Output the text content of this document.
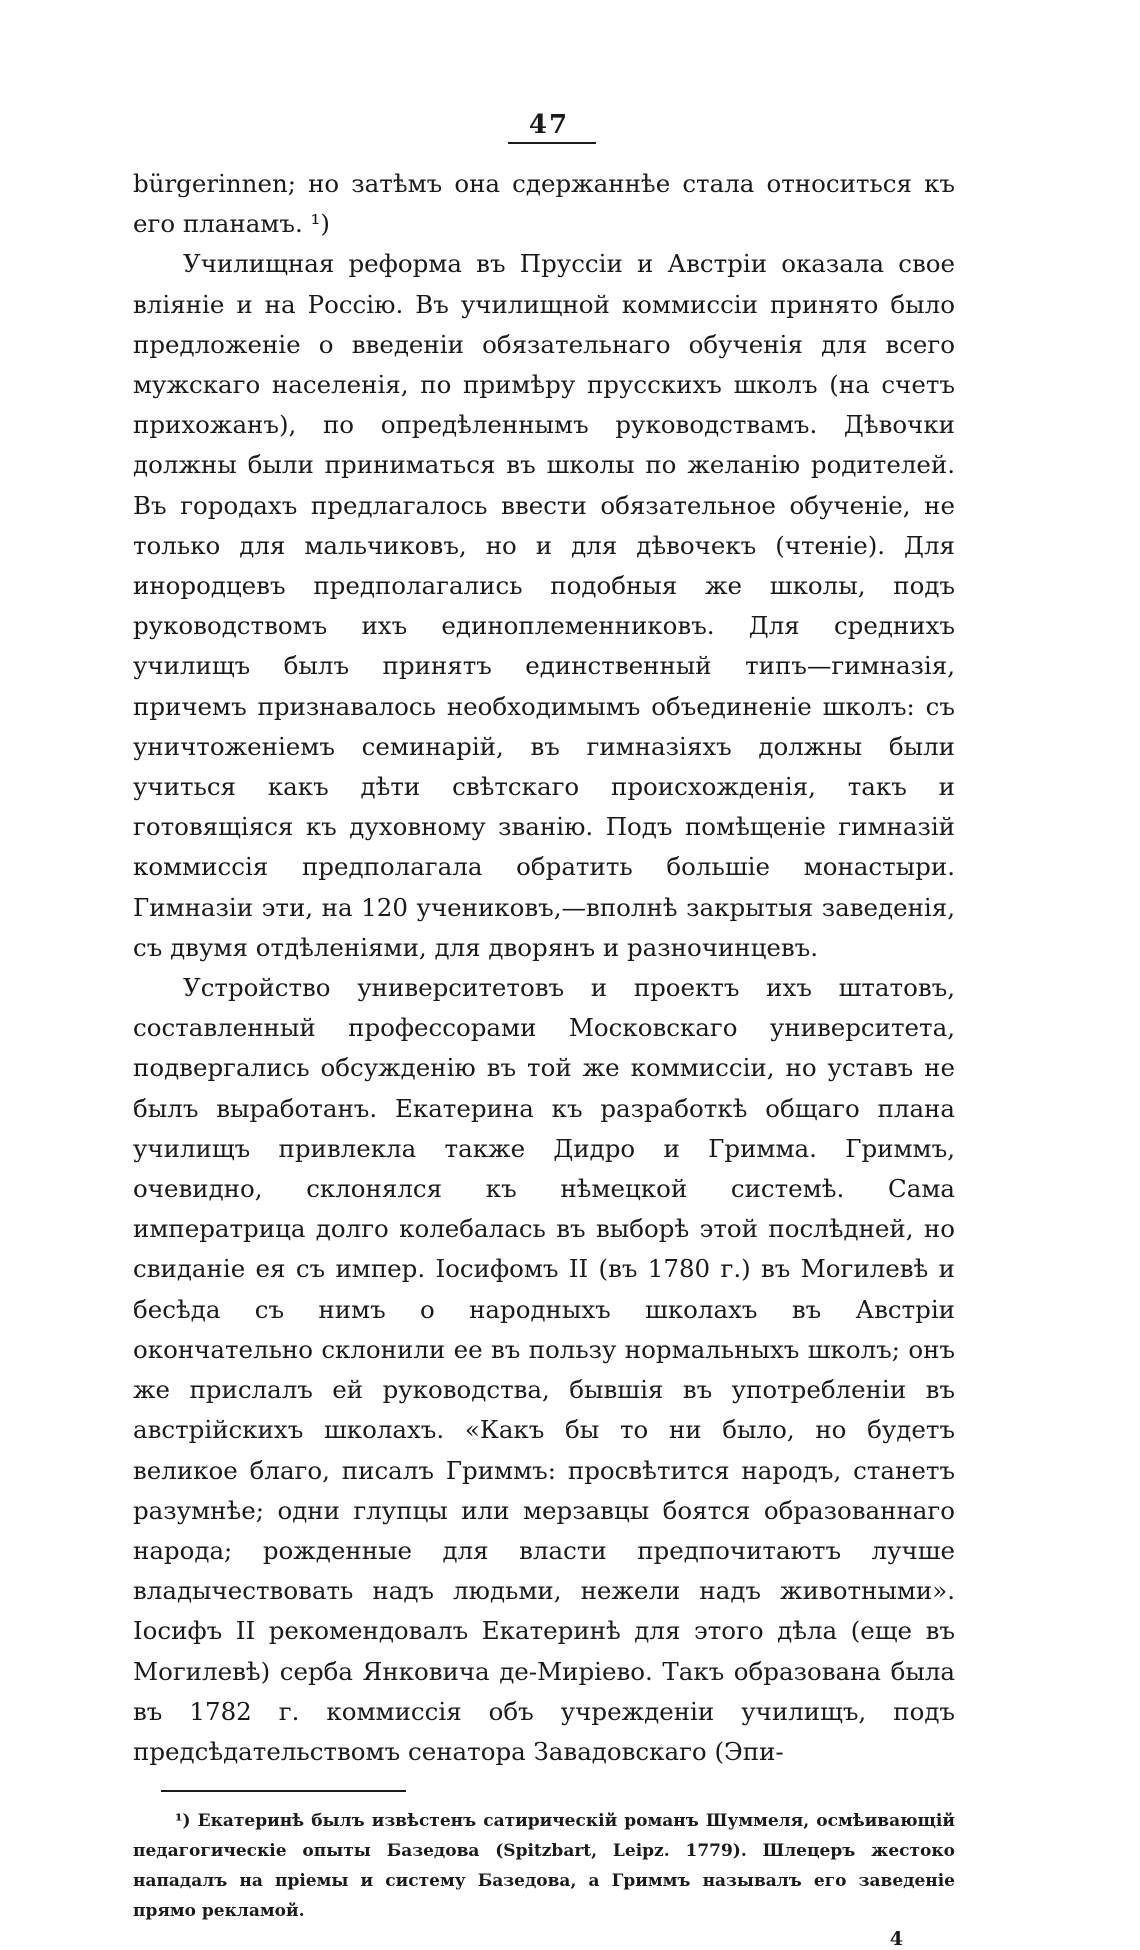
47

bürgerinnen; но затѣмъ она сдержаннѣе стала относиться къ его планамъ. ¹)

Училищная реформа въ Пруссіи и Австріи оказала свое вліяніе и на Россію. Въ училищной коммиссіи принято было предложеніе о введеніи обязательнаго обученія для всего мужскаго населенія, по примѣру прусскихъ школъ (на счетъ прихожанъ), по опредѣленнымъ руководствамъ. Дѣвочки должны были приниматься въ школы по желанію родителей. Въ городахъ предлагалось ввести обязательное обученіе, не только для мальчиковъ, но и для дѣвочекъ (чтеніе). Для инородцевъ предполагались подобныя же школы, подъ руководствомъ ихъ единоплеменниковъ. Для среднихъ училищъ былъ принятъ единственный типъ—гимназія, причемъ признавалось необходимымъ объединеніе школъ: съ уничтоженіемъ семинарій, въ гимназіяхъ должны были учиться какъ дѣти свѣтскаго происхожденія, такъ и готовящіяся къ духовному званію. Подъ помѣщеніе гимназій коммиссія предполагала обратить большіе монастыри. Гимназіи эти, на 120 учениковъ,—вполнѣ закрытыя заведенія, съ двумя отдѣленіями, для дворянъ и разночинцевъ.

Устройство университетовъ и проектъ ихъ штатовъ, составленный профессорами Московскаго университета, подвергались обсужденію въ той же коммиссіи, но уставъ не былъ выработанъ. Екатерина къ разработкѣ общаго плана училищъ привлекла также Дидро и Гримма. Гриммъ, очевидно, склонялся къ нѣмецкой системѣ. Сама императрица долго колебалась въ выборѣ этой послѣдней, но свиданіе ея съ импер. Іосифомъ II (въ 1780 г.) въ Могилевѣ и бесѣда съ нимъ о народныхъ школахъ въ Австріи окончательно склонили ее въ пользу нормальныхъ школъ; онъ же прислалъ ей руководства, бывшія въ употребленіи въ австрійскихъ школахъ. «Какъ бы то ни было, но будетъ великое благо, писалъ Гриммъ: просвѣтится народъ, станетъ разумнѣе; одни глупцы или мерзавцы боятся образованнаго народа; рожденные для власти предпочитаютъ лучше владычествовать надъ людьми, нежели надъ животными». Іосифъ II рекомендовалъ Екатеринѣ для этого дѣла (еще въ Могилевѣ) серба Янковича де-Миріево. Такъ образована была въ 1782 г. коммиссія объ учрежденіи училищъ, подъ предсѣдательствомъ сенатора Завадовскаго (Эпи-

¹) Екатеринѣ былъ извѣстенъ сатирическій романъ Шуммеля, осмѣивающій педагогическіе опыты Базедова (Spitzbart, Leipz. 1779). Шлецеръ жестоко нападалъ на пріемы и систему Базедова, а Гриммъ называлъ его заведеніе прямо рекламой.
4
